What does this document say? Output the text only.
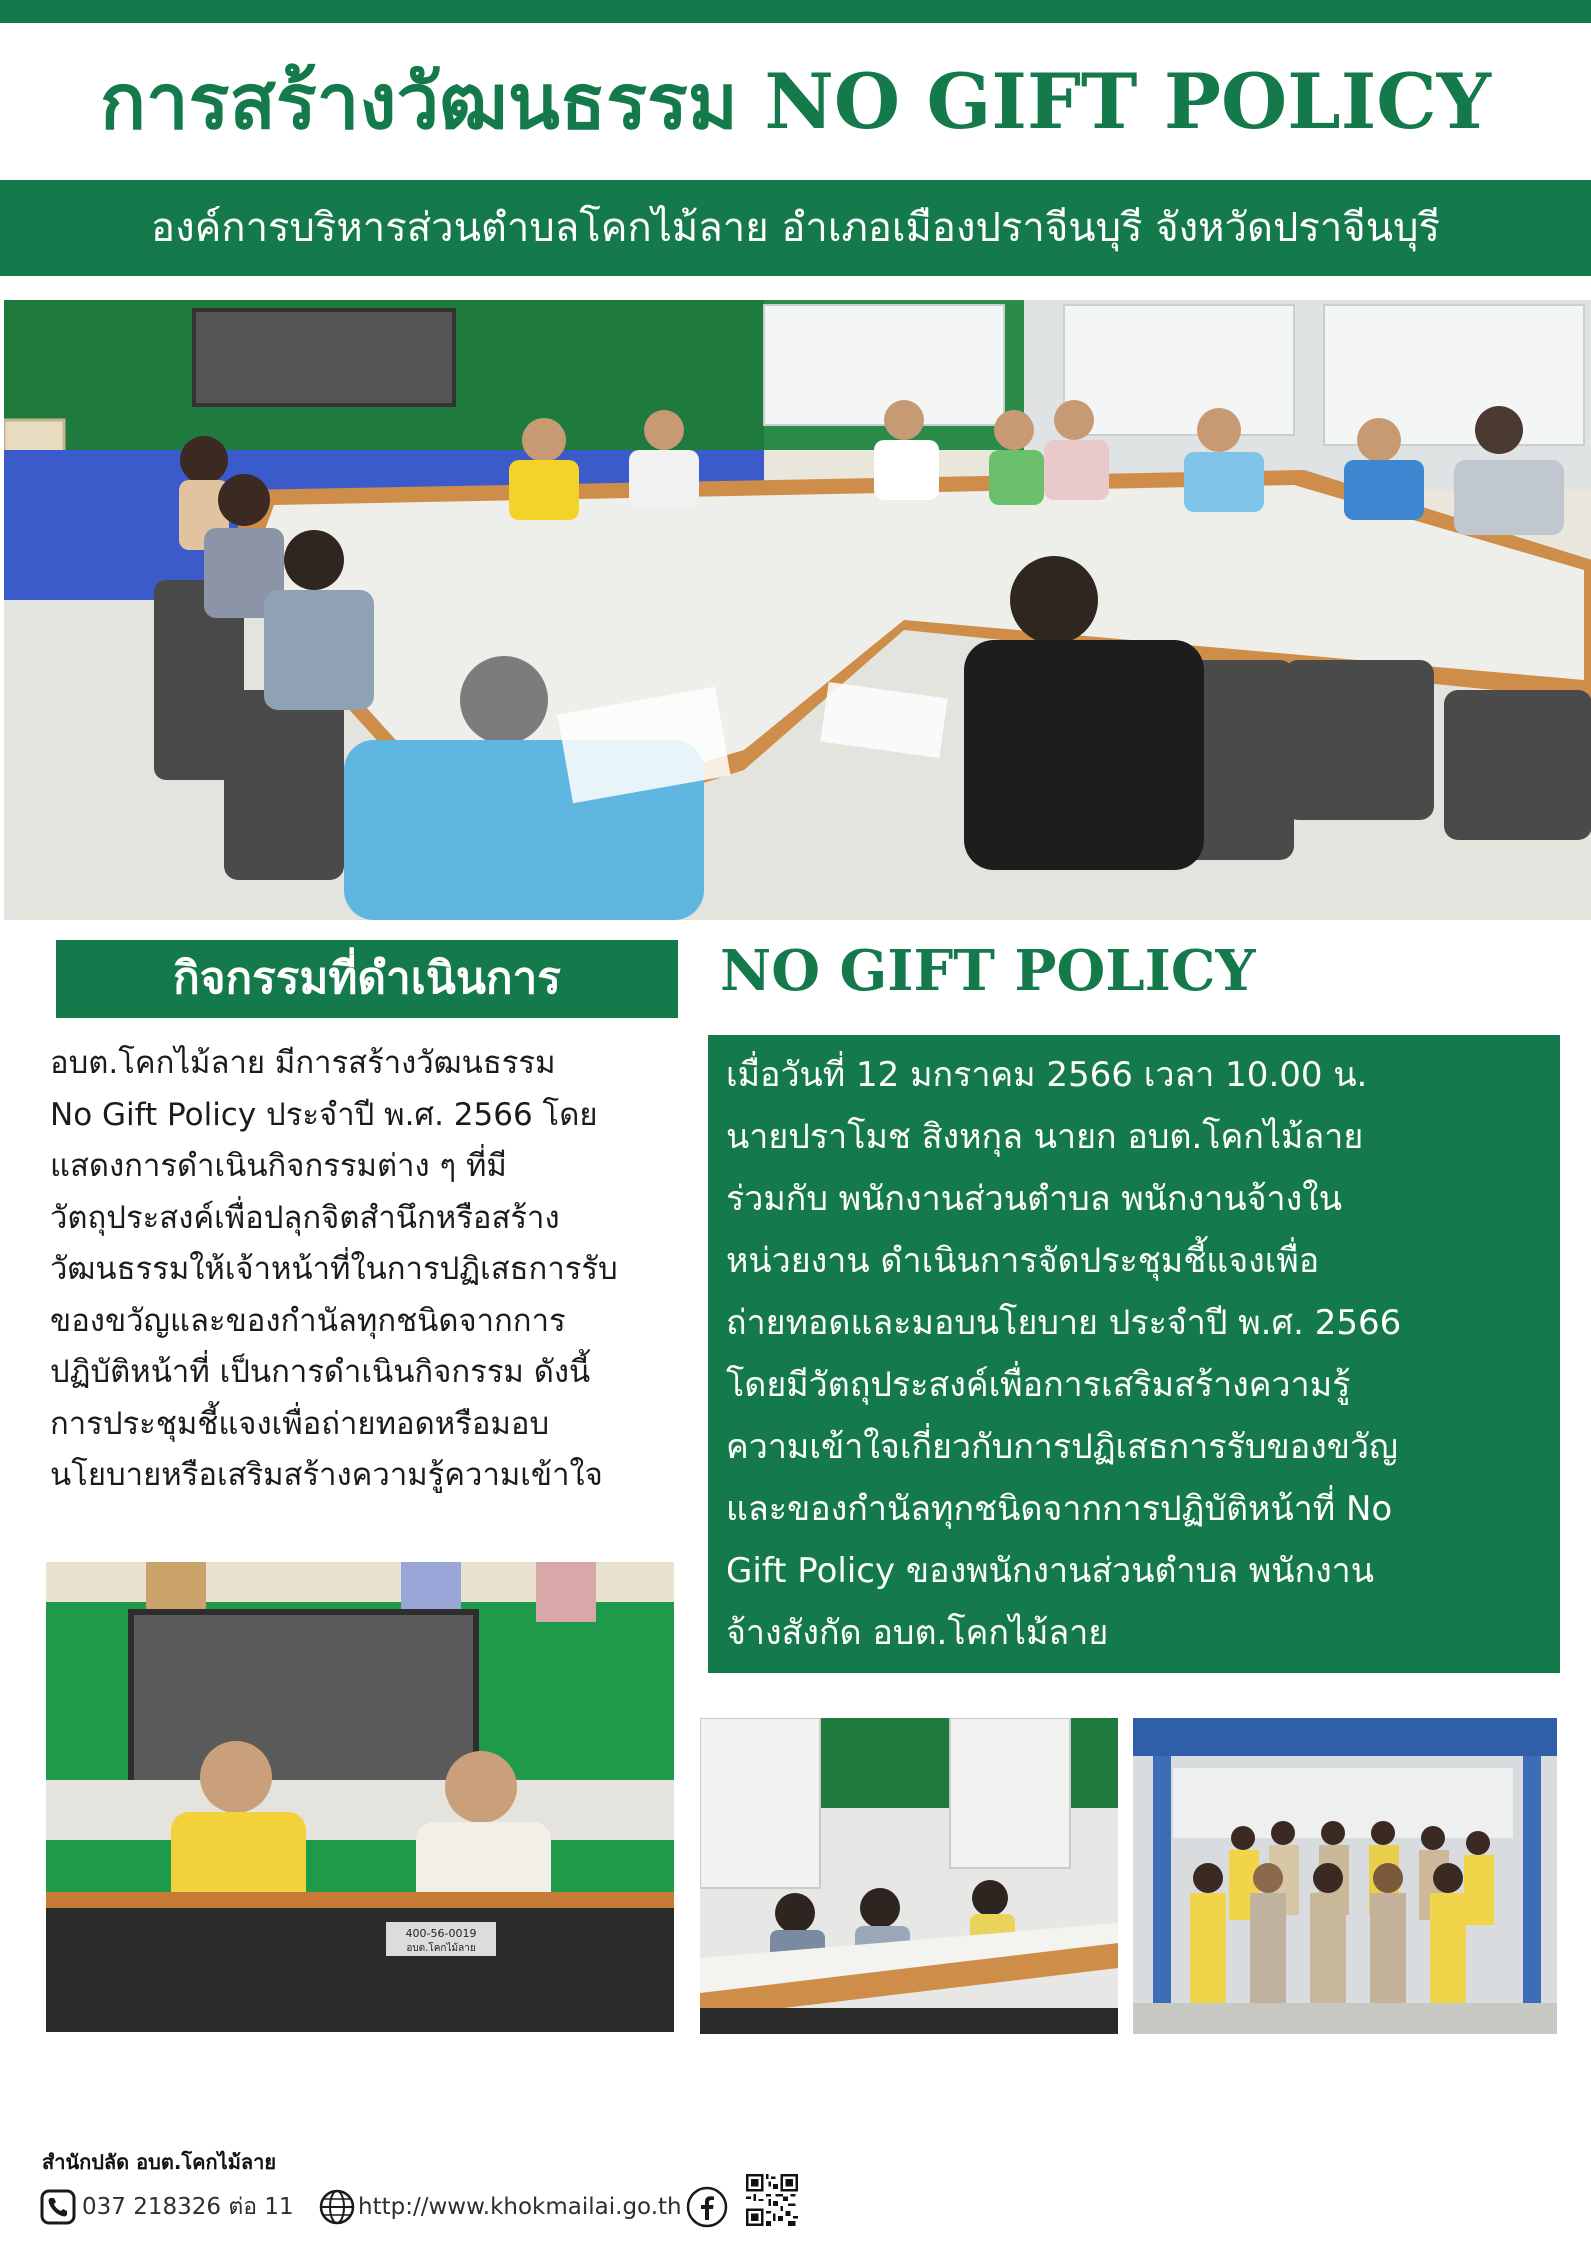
การสร้างวัฒนธรรม NO GIFT POLICY
องค์การบริหารส่วนตำบลโคกไม้ลาย อำเภอเมืองปราจีนบุรี จังหวัดปราจีนบุรี
กิจกรรมที่ดำเนินการ	NO GIFT POLICY
อบต.โคกไม้ลาย มีการสร้างวัฒนธรรม
No Gift Policy ประจำปี พ.ศ. 2566 โดย
แสดงการดำเนินกิจกรรมต่าง ๆ ที่มี
วัตถุประสงค์เพื่อปลุกจิตสำนึกหรือสร้าง
วัฒนธรรมให้เจ้าหน้าที่ในการปฏิเสธการรับ
ของขวัญและของกำนัลทุกชนิดจากการ
ปฏิบัติหน้าที่ เป็นการดำเนินกิจกรรม ดังนี้
การประชุมชี้แจงเพื่อถ่ายทอดหรือมอบ
นโยบายหรือเสริมสร้างความรู้ความเข้าใจ
เมื่อวันที่ 12 มกราคม 2566 เวลา 10.00 น.
นายปราโมช สิงหกุล นายก อบต.โคกไม้ลาย
ร่วมกับ พนักงานส่วนตำบล พนักงานจ้างใน
หน่วยงาน ดำเนินการจัดประชุมชี้แจงเพื่อ
ถ่ายทอดและมอบนโยบาย ประจำปี พ.ศ. 2566
โดยมีวัตถุประสงค์เพื่อการเสริมสร้างความรู้
ความเข้าใจเกี่ยวกับการปฏิเสธการรับของขวัญ
และของกำนัลทุกชนิดจากการปฏิบัติหน้าที่ No
Gift Policy ของพนักงานส่วนตำบล พนักงาน
จ้างสังกัด อบต.โคกไม้ลาย
400-56-0019
อบต.โคกไม้ลาย
สำนักปลัด อบต.โคกไม้ลาย
037 218326 ต่อ 11	http://www.khokmailai.go.th
